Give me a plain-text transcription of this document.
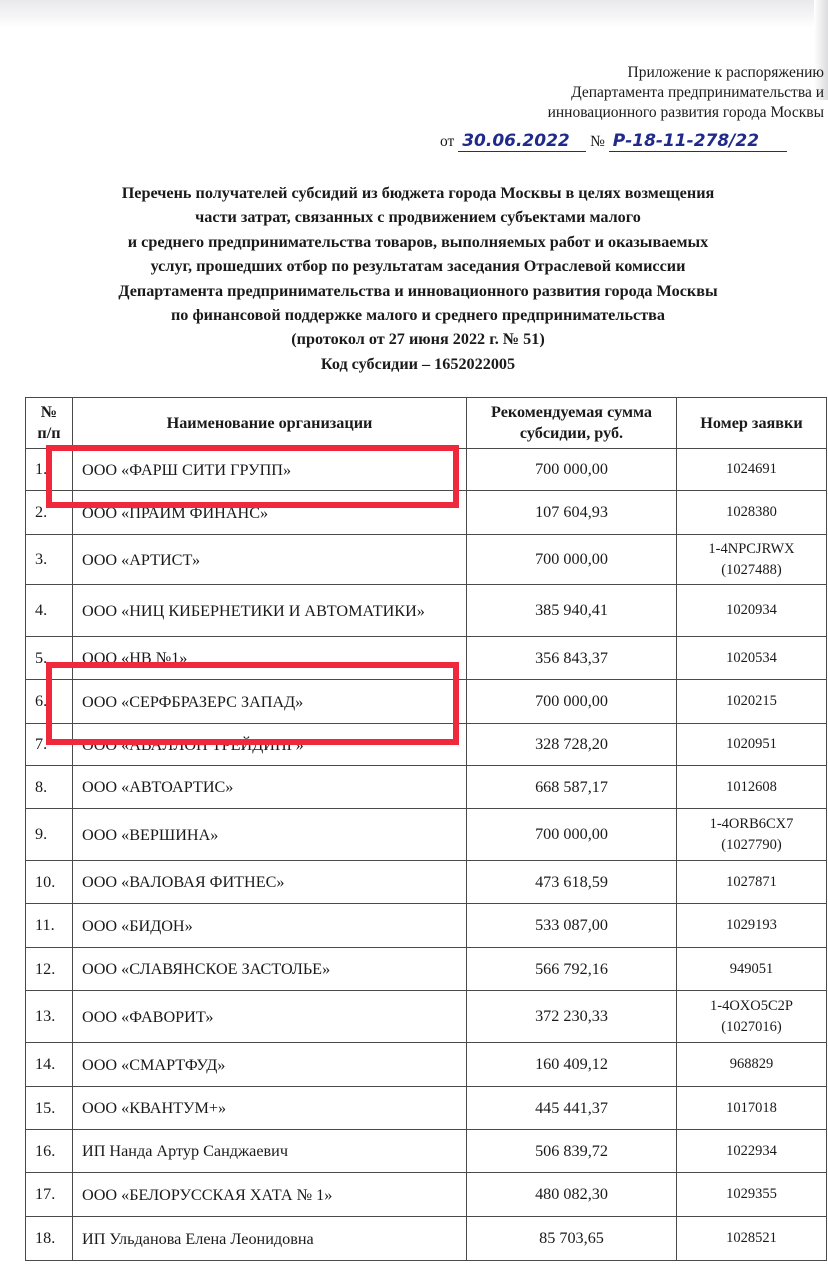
Приложение к распоряжению
Департамента предпринимательства и
инновационного развития города Москвы
от 30.06.2022 № Р-18-11-278/22
Перечень получателей субсидий из бюджета города Москвы в целях возмещения
части затрат, связанных с продвижением субъектами малого
и среднего предпринимательства товаров, выполняемых работ и оказываемых
услуг, прошедших отбор по результатам заседания Отраслевой комиссии
Департамента предпринимательства и инновационного развития города Москвы
по финансовой поддержке малого и среднего предпринимательства
(протокол от 27 июня 2022 г. № 51)
Код субсидии – 1652022005
№ п/п	Наименование организации	Рекомендуемая сумма субсидии, руб.	Номер заявки
1.	ООО «ФАРШ СИТИ ГРУПП»	700 000,00	1024691
2.	ООО «ПРАЙМ ФИНАНС»	107 604,93	1028380
3.	ООО «АРТИСТ»	700 000,00	1-4NPCJRWX (1027488)
4.	ООО «НИЦ КИБЕРНЕТИКИ И АВТОМАТИКИ»	385 940,41	1020934
5.	ООО «НВ №1»	356 843,37	1020534
6.	ООО «СЕРФБРАЗЕРС ЗАПАД»	700 000,00	1020215
7.	ООО «АВАЛЛОН ТРЕЙДИНГ»	328 728,20	1020951
8.	ООО «АВТОАРТИС»	668 587,17	1012608
9.	ООО «ВЕРШИНА»	700 000,00	1-4ORB6CX7 (1027790)
10.	ООО «ВАЛОВАЯ ФИТНЕС»	473 618,59	1027871
11.	ООО «БИДОН»	533 087,00	1029193
12.	ООО «СЛАВЯНСКОЕ ЗАСТОЛЬЕ»	566 792,16	949051
13.	ООО «ФАВОРИТ»	372 230,33	1-4OXO5C2P (1027016)
14.	ООО «СМАРТФУД»	160 409,12	968829
15.	ООО «КВАНТУМ+»	445 441,37	1017018
16.	ИП Нанда Артур Санджаевич	506 839,72	1022934
17.	ООО «БЕЛОРУССКАЯ ХАТА № 1»	480 082,30	1029355
18.	ИП Ульданова Елена Леонидовна	85 703,65	1028521
